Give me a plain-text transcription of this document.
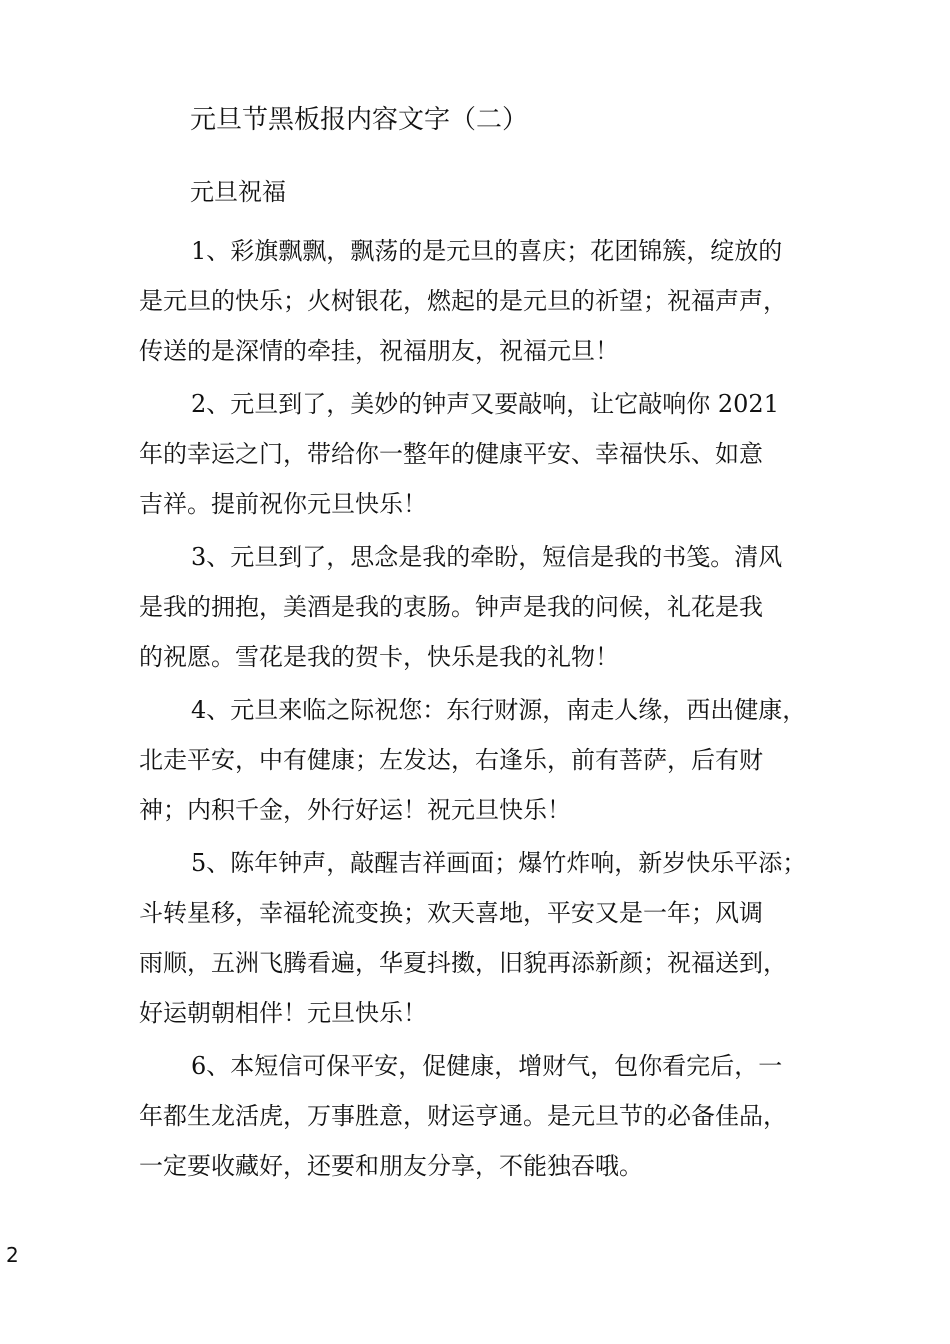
元旦节黑板报内容文字（二）
元旦祝福

1、彩旗飘飘，飘荡的是元旦的喜庆；花团锦簇，绽放的
是元旦的快乐；火树银花，燃起的是元旦的祈望；祝福声声，
传送的是深情的牵挂，祝福朋友，祝福元旦！

2、元旦到了，美妙的钟声又要敲响，让它敲响你 2021
年的幸运之门，带给你一整年的健康平安、幸福快乐、如意
吉祥。提前祝你元旦快乐！

3、元旦到了，思念是我的牵盼，短信是我的书笺。清风
是我的拥抱，美酒是我的衷肠。钟声是我的问候，礼花是我
的祝愿。雪花是我的贺卡，快乐是我的礼物！

4、元旦来临之际祝您：东行财源，南走人缘，西出健康，
北走平安，中有健康；左发达，右逢乐，前有菩萨，后有财
神；内积千金，外行好运！祝元旦快乐！

5、陈年钟声，敲醒吉祥画面；爆竹炸响，新岁快乐平添；
斗转星移，幸福轮流变换；欢天喜地，平安又是一年；风调
雨顺，五洲飞腾看遍，华夏抖擞，旧貌再添新颜；祝福送到，
好运朝朝相伴！元旦快乐！

6、本短信可保平安，促健康，增财气，包你看完后，一
年都生龙活虎，万事胜意，财运亨通。是元旦节的必备佳品，
一定要收藏好，还要和朋友分享，不能独吞哦。

2
